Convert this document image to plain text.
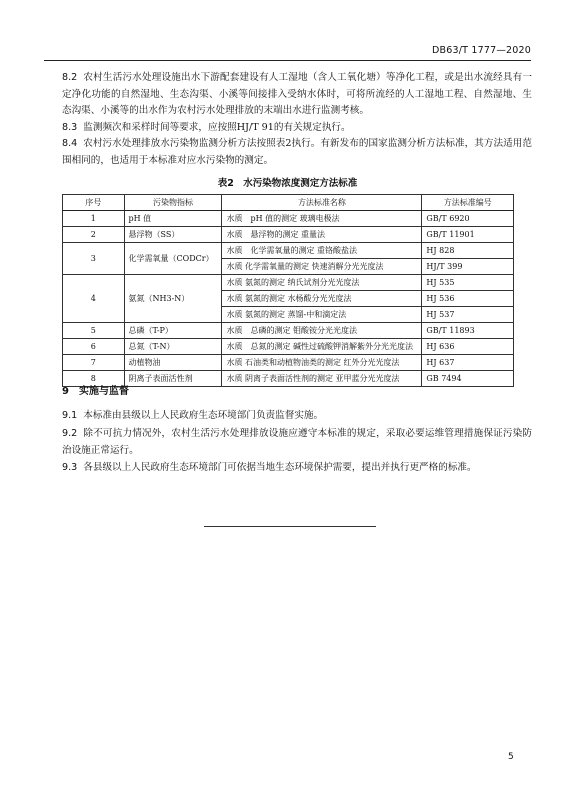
DB63/T 1777—2020

8.2 农村生活污水处理设施出水下游配套建设有人工湿地（含人工氧化塘）等净化工程，或是出水流经具有一定净化功能的自然湿地、生态沟渠、小溪等间接排入受纳水体时，可将所流经的人工湿地工程、自然湿地、生态沟渠、小溪等的出水作为农村污水处理排放的末端出水进行监测考核。

8.3 监测频次和采样时间等要求，应按照HJ/T 91的有关规定执行。

8.4 农村污水处理排放水污染物监测分析方法按照表2执行。有新发布的国家监测分析方法标准，其方法适用范围相同的，也适用于本标准对应水污染物的测定。

表2　水污染物浓度测定方法标准
序号	污染物指标	方法标准名称	方法标准编号
1	pH 值	水质　pH 值的测定 玻璃电极法	GB/T 6920
2	悬浮物（SS）	水质　悬浮物的测定 重量法	GB/T 11901
3	化学需氧量（CODCr）	水质　化学需氧量的测定 重铬酸盐法	HJ 828
		水质 化学需氧量的测定 快速消解分光光度法	HJ/T 399
4	氨氮（NH3-N）	水质 氨氮的测定 纳氏试剂分光光度法	HJ 535
		水质 氨氮的测定 水杨酸分光光度法	HJ 536
		水质 氨氮的测定 蒸馏-中和滴定法	HJ 537
5	总磷（T-P）	水质　总磷的测定 钼酸铵分光光度法	GB/T 11893
6	总氮（T-N）	水质　总氮的测定 碱性过硫酸钾消解紫外分光光度法	HJ 636
7	动植物油	水质 石油类和动植物油类的测定 红外分光光度法	HJ 637
8	阴离子表面活性剂	水质 阴离子表面活性剂的测定 亚甲蓝分光光度法	GB 7494
9 实施与监督

9.1 本标准由县级以上人民政府生态环境部门负责监督实施。

9.2 除不可抗力情况外，农村生活污水处理排放设施应遵守本标准的规定，采取必要运维管理措施保证污染防治设施正常运行。

9.3 各县级以上人民政府生态环境部门可依据当地生态环境保护需要，提出并执行更严格的标准。

5
